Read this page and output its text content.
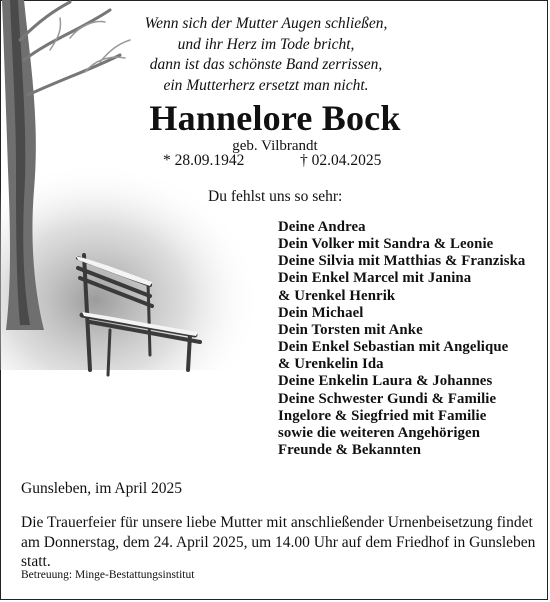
Wenn sich der Mutter Augen schließen,
und ihr Herz im Tode bricht,
dann ist das schönste Band zerrissen,
ein Mutterherz ersetzt man nicht.
Hannelore Bock
geb. Vilbrandt
* 28.09.1942	† 02.04.2025
Du fehlst uns so sehr:
Deine Andrea
Dein Volker mit Sandra & Leonie
Deine Silvia mit Matthias & Franziska
Dein Enkel Marcel mit Janina
& Urenkel Henrik
Dein Michael
Dein Torsten mit Anke
Dein Enkel Sebastian mit Angelique
& Urenkelin Ida
Deine Enkelin Laura & Johannes
Deine Schwester Gundi & Familie
Ingelore & Siegfried mit Familie
sowie die weiteren Angehörigen
Freunde & Bekannten
Gunsleben, im April 2025
Die Trauerfeier für unsere liebe Mutter mit anschließender Urnenbeisetzung findet
am Donnerstag, dem 24. April 2025, um 14.00 Uhr auf dem Friedhof in Gunsleben
statt.
Betreuung: Minge-Bestattungsinstitut
